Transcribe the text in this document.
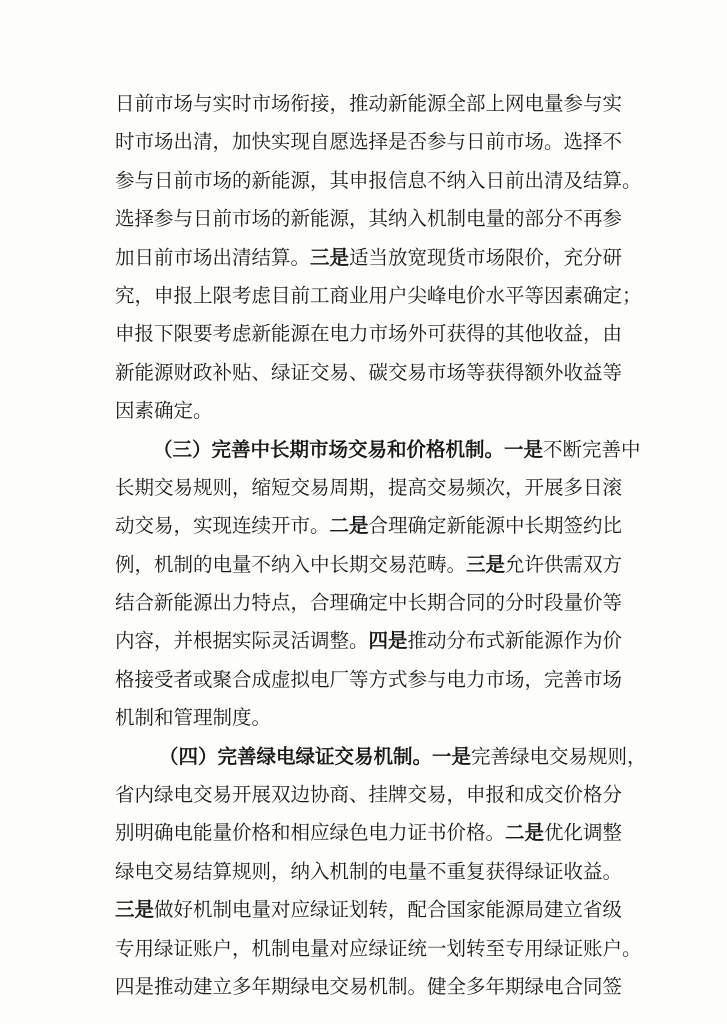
日前市场与实时市场衔接，推动新能源全部上网电量参与实
时市场出清，加快实现自愿选择是否参与日前市场。选择不
参与日前市场的新能源，其申报信息不纳入日前出清及结算。
选择参与日前市场的新能源，其纳入机制电量的部分不再参
加日前市场出清结算。三是适当放宽现货市场限价，充分研
究，申报上限考虑目前工商业用户尖峰电价水平等因素确定；
申报下限要考虑新能源在电力市场外可获得的其他收益，由
新能源财政补贴、绿证交易、碳交易市场等获得额外收益等
因素确定。
（三）完善中长期市场交易和价格机制。一是不断完善中
长期交易规则，缩短交易周期，提高交易频次，开展多日滚
动交易，实现连续开市。二是合理确定新能源中长期签约比
例，机制的电量不纳入中长期交易范畴。三是允许供需双方
结合新能源出力特点，合理确定中长期合同的分时段量价等
内容，并根据实际灵活调整。四是推动分布式新能源作为价
格接受者或聚合成虚拟电厂等方式参与电力市场，完善市场
机制和管理制度。
（四）完善绿电绿证交易机制。一是完善绿电交易规则，
省内绿电交易开展双边协商、挂牌交易，申报和成交价格分
别明确电能量价格和相应绿色电力证书价格。二是优化调整
绿电交易结算规则，纳入机制的电量不重复获得绿证收益。
三是做好机制电量对应绿证划转，配合国家能源局建立省级
专用绿证账户，机制电量对应绿证统一划转至专用绿证账户。
四是推动建立多年期绿电交易机制。健全多年期绿电合同签
